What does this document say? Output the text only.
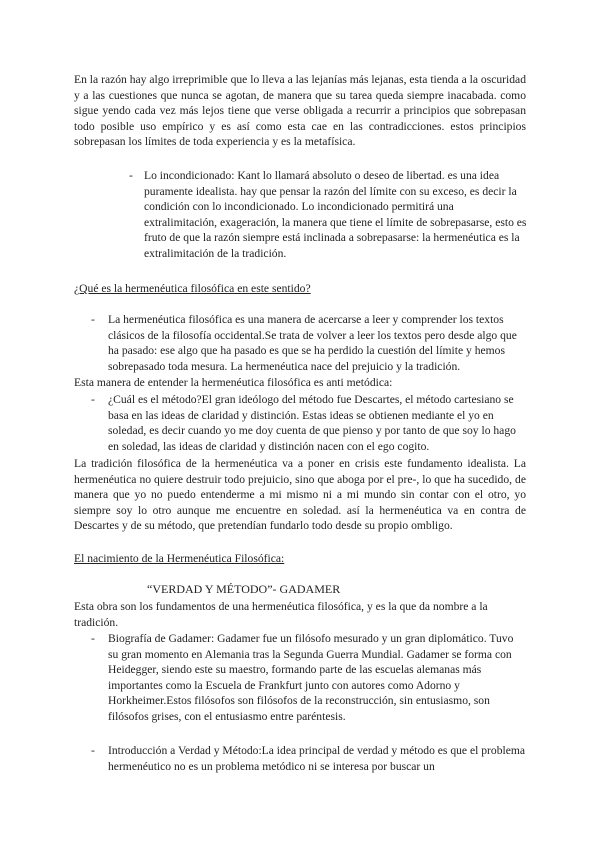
En la razón hay algo irreprimible que lo lleva a las lejanías más lejanas, esta tienda a la oscuridad y a las cuestiones que nunca se agotan, de manera que su tarea queda siempre inacabada. como sigue yendo cada vez más lejos tiene que verse obligada a recurrir a principios que sobrepasan todo posible uso empírico y es así como esta cae en las contradicciones. estos principios sobrepasan los límites de toda experiencia y es la metafísica.

- Lo incondicionado: Kant lo llamará absoluto o deseo de libertad. es una idea puramente idealista. hay que pensar la razón del límite con su exceso, es decir la condición con lo incondicionado. Lo incondicionado permitirá una extralimitación, exageración, la manera que tiene el límite de sobrepasarse, esto es fruto de que la razón siempre está inclinada a sobrepasarse: la hermenéutica es la extralimitación de la tradición.

¿Qué es la hermenéutica filosófica en este sentido?

-	La hermenéutica filosófica es una manera de acercarse a leer y comprender los textos clásicos de la filosofía occidental.Se trata de volver a leer los textos pero desde algo que ha pasado: ese algo que ha pasado es que se ha perdido la cuestión del límite y hemos sobrepasado toda mesura. La hermenéutica nace del prejuicio y la tradición.

Esta manera de entender la hermenéutica filosófica es anti metódica:

-	¿Cuál es el método?El gran ideólogo del método fue Descartes, el método cartesiano se basa en las ideas de claridad y distinción. Estas ideas se obtienen mediante el yo en soledad, es decir cuando yo me doy cuenta de que pienso y por tanto de que soy lo hago en soledad, las ideas de claridad y distinción nacen con el ego cogito.

La tradición filosófica de la hermenéutica va a poner en crisis este fundamento idealista. La hermenéutica no quiere destruir todo prejuicio, sino que aboga por el pre-, lo que ha sucedido, de manera que yo no puedo entenderme a mi mismo ni a mi mundo sin contar con el otro, yo siempre soy lo otro aunque me encuentre en soledad. así la hermenéutica va en contra de Descartes y de su método, que pretendían fundarlo todo desde su propio ombligo.

El nacimiento de la Hermenéutica Filosófica:

“VERDAD Y MÉTODO”- GADAMER

Esta obra son los fundamentos de una hermenéutica filosófica, y es la que da nombre a la tradición.

-	Biografía de Gadamer: Gadamer fue un filósofo mesurado y un gran diplomático. Tuvo su gran momento en Alemania tras la Segunda Guerra Mundial. Gadamer se forma con Heidegger, siendo este su maestro, formando parte de las escuelas alemanas más importantes como la Escuela de Frankfurt junto con autores como Adorno y Horkheimer.Estos filósofos son filósofos de la reconstrucción, sin entusiasmo, son filósofos grises, con el entusiasmo entre paréntesis.

-	Introducción a Verdad y Método:La idea principal de verdad y método es que el problema hermenéutico no es un problema metódico ni se interesa por buscar un
